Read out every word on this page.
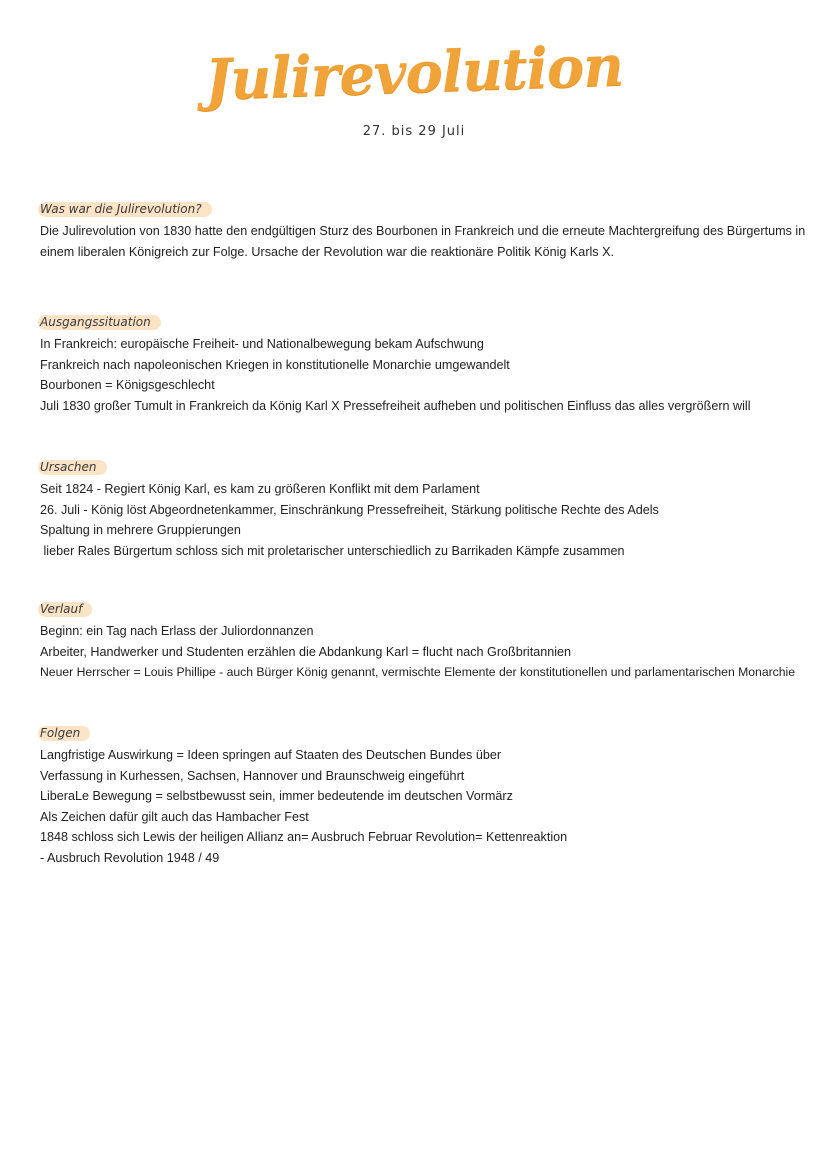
Julirevolution
27. bis 29 Juli
Was war die Julirevolution?

Die Julirevolution von 1830 hatte den endgültigen Sturz des Bourbonen in Frankreich und die erneute Machtergreifung des Bürgertums in einem liberalen Königreich zur Folge. Ursache der Revolution war die reaktionäre Politik König Karls X.

Ausgangssituation
In Frankreich: europäische Freiheit- und Nationalbewegung bekam Aufschwung
Frankreich nach napoleonischen Kriegen in konstitutionelle Monarchie umgewandelt
Bourbonen = Königsgeschlecht
Juli 1830 großer Tumult in Frankreich da König Karl X Pressefreiheit aufheben und politischen Einfluss das alles vergrößern will
Ursachen
Seit 1824 - Regiert König Karl, es kam zu größeren Konflikt mit dem Parlament
26. Juli - König löst Abgeordnetenkammer, Einschränkung Pressefreiheit, Stärkung politische Rechte des Adels
Spaltung in mehrere Gruppierungen
lieber Rales Bürgertum schloss sich mit proletarischer unterschiedlich zu Barrikaden Kämpfe zusammen
Verlauf
Beginn: ein Tag nach Erlass der Juliordonnanzen
Arbeiter, Handwerker und Studenten erzählen die Abdankung Karl = flucht nach Großbritannien
Neuer Herrscher = Louis Phillipe - auch Bürger König genannt, vermischte Elemente der konstitutionellen und parlamentarischen Monarchie
Folgen
Langfristige Auswirkung = Ideen springen auf Staaten des Deutschen Bundes über
Verfassung in Kurhessen, Sachsen, Hannover und Braunschweig eingeführt
LiberaLe Bewegung = selbstbewusst sein, immer bedeutende im deutschen Vormärz
Als Zeichen dafür gilt auch das Hambacher Fest
1848 schloss sich Lewis der heiligen Allianz an= Ausbruch Februar Revolution= Kettenreaktion
- Ausbruch Revolution 1948 / 49
